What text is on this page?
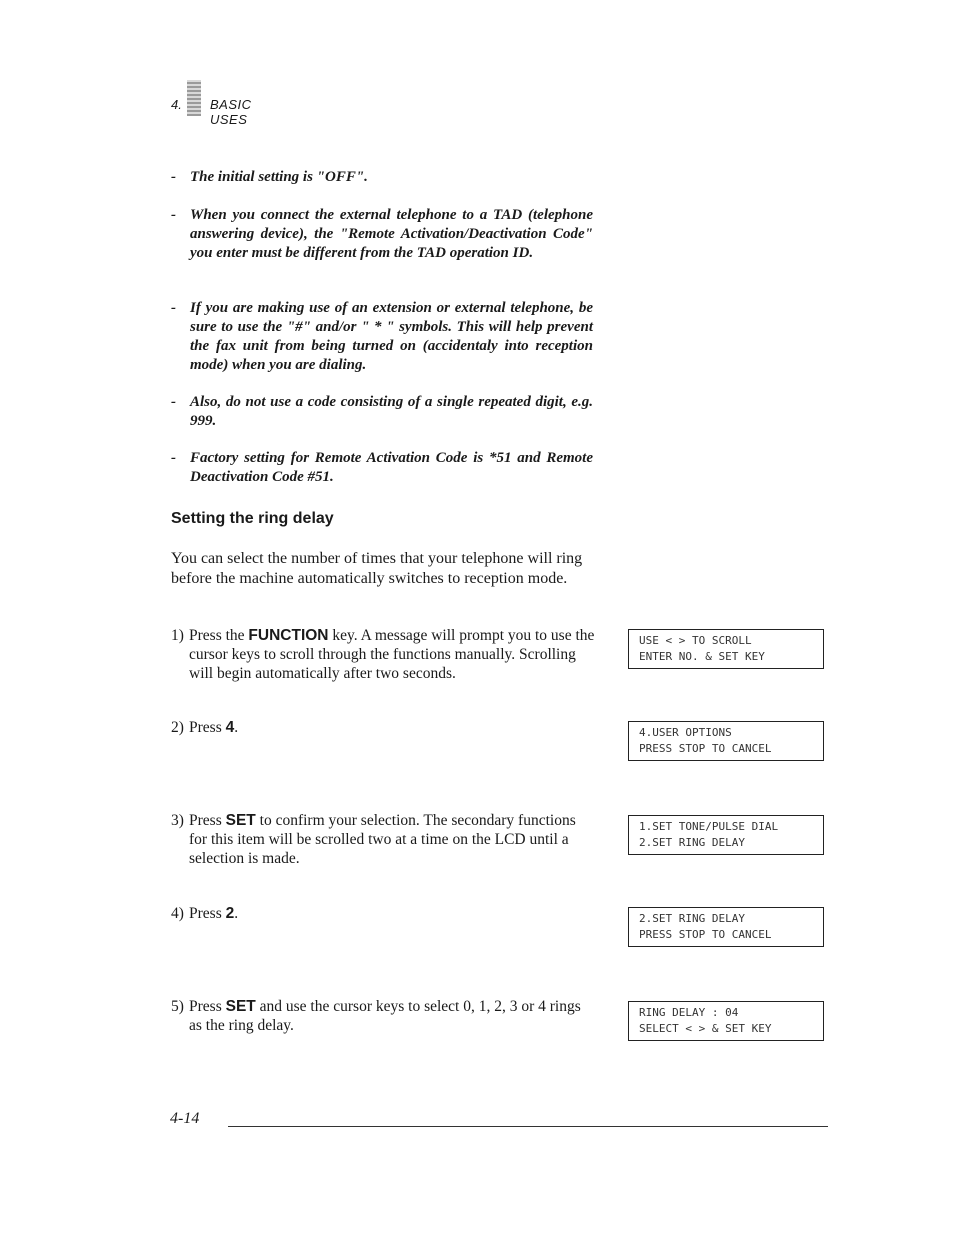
4. BASIC USES
- The initial setting is "OFF".
- When you connect the external telephone to a TAD (telephone answering device), the "Remote Activation/Deactivation Code" you enter must be different from the TAD operation ID.
- If you are making use of an extension or external telephone, be sure to use the "#" and/or " * " symbols. This will help prevent the fax unit from being turned on (accidentaly into reception mode) when you are dialing.
- Also, do not use a code consisting of a single repeated digit, e.g. 999.
- Factory setting for Remote Activation Code is *51 and Remote Deactivation Code #51.
Setting the ring delay

You can select the number of times that your telephone will ring before the machine automatically switches to reception mode.

1) Press the FUNCTION key. A message will prompt you to use the cursor keys to scroll through the functions manually. Scrolling will begin automatically after two seconds.
USE < > TO SCROLL
ENTER NO. & SET KEY
2) Press 4.	4.USER OPTIONS
PRESS STOP TO CANCEL
3) Press SET to confirm your selection. The secondary functions for this item will be scrolled two at a time on the LCD until a selection is made.
1.SET TONE/PULSE DIAL
2.SET RING DELAY
4) Press 2.	2.SET RING DELAY
PRESS STOP TO CANCEL
5) Press SET and use the cursor keys to select 0, 1, 2, 3 or 4 rings as the ring delay.
RING DELAY : 04
SELECT < > & SET KEY
4-14
